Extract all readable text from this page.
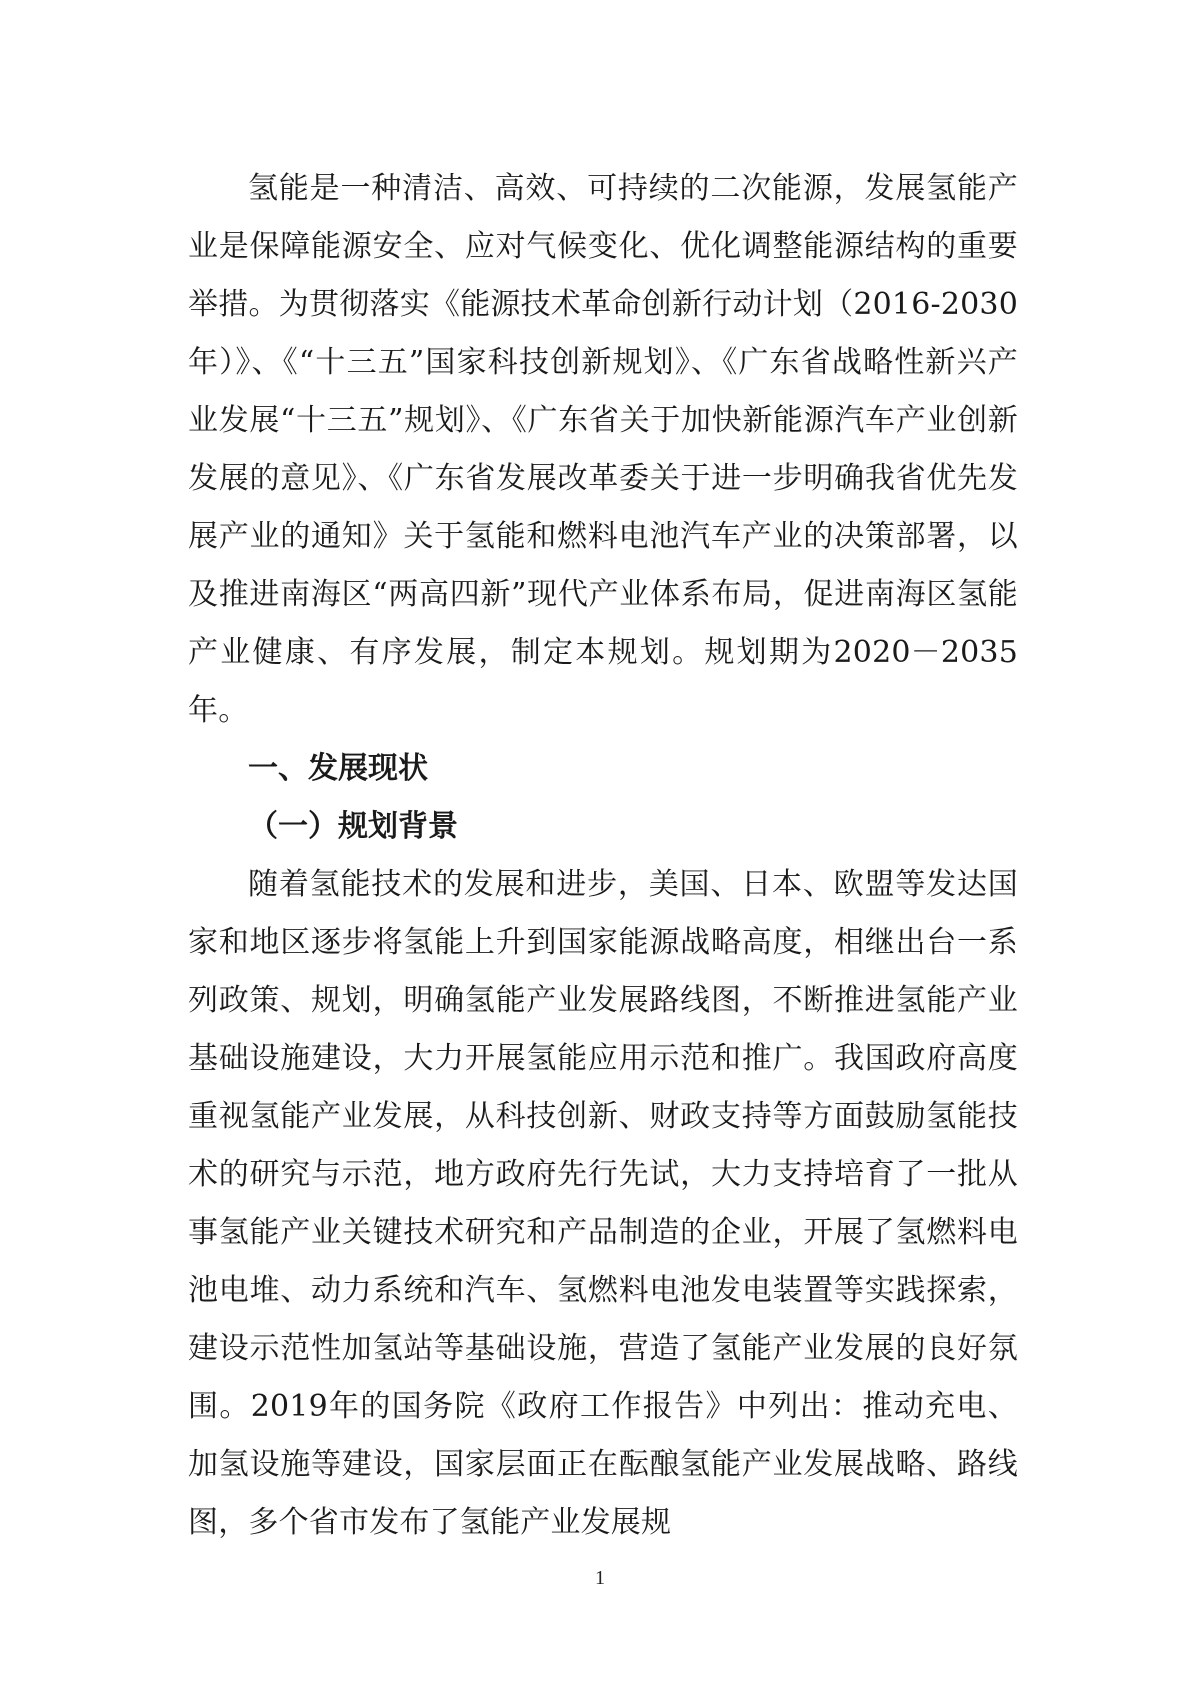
氢能是一种清洁、高效、可持续的二次能源，发展氢能产业是保障能源安全、应对气候变化、优化调整能源结构的重要举措。为贯彻落实《能源技术革命创新行动计划（2016-2030年）》、《“十三五”国家科技创新规划》、《广东省战略性新兴产业发展“十三五”规划》、《广东省关于加快新能源汽车产业创新发展的意见》、《广东省发展改革委关于进一步明确我省优先发展产业的通知》关于氢能和燃料电池汽车产业的决策部署，以及推进南海区“两高四新”现代产业体系布局，促进南海区氢能产业健康、有序发展，制定本规划。规划期为2020－2035年。

一、发展现状
（一）规划背景

随着氢能技术的发展和进步，美国、日本、欧盟等发达国家和地区逐步将氢能上升到国家能源战略高度，相继出台一系列政策、规划，明确氢能产业发展路线图，不断推进氢能产业基础设施建设，大力开展氢能应用示范和推广。我国政府高度重视氢能产业发展，从科技创新、财政支持等方面鼓励氢能技术的研究与示范，地方政府先行先试，大力支持培育了一批从事氢能产业关键技术研究和产品制造的企业，开展了氢燃料电池电堆、动力系统和汽车、氢燃料电池发电装置等实践探索，建设示范性加氢站等基础设施，营造了氢能产业发展的良好氛围。2019年的国务院《政府工作报告》中列出：推动充电、加氢设施等建设，国家层面正在酝酿氢能产业发展战略、路线图，多个省市发布了氢能产业发展规

1
